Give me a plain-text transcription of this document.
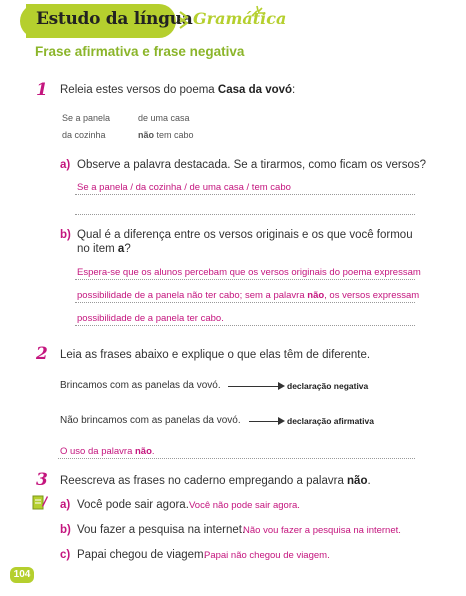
Estudo da língua Gramática
Frase afirmativa e frase negativa
1 Releia estes versos do poema Casa da vovó:
Se a panela	de uma casa
da cozinha	não tem cabo
a) Observe a palavra destacada. Se a tirarmos, como ficam os versos?
Se a panela / da cozinha / de uma casa / tem cabo
b) Qual é a diferença entre os versos originais e os que você formou
no item a?
Espera-se que os alunos percebam que os versos originais do poema expressam
possibilidade de a panela não ter cabo; sem a palavra não, os versos expressam
possibilidade de a panela ter cabo.
2 Leia as frases abaixo e explique o que elas têm de diferente.
Brincamos com as panelas da vovó.	declaração negativa
Não brincamos com as panelas da vovó.	declaração afirmativa
O uso da palavra não.
3 Reescreva as frases no caderno empregando a palavra não.
a) Você pode sair agora. Você não pode sair agora.
b) Vou fazer a pesquisa na internet.
Não vou fazer a pesquisa na internet.
c) Papai chegou de viagem.
Papai não chegou de viagem.
104
